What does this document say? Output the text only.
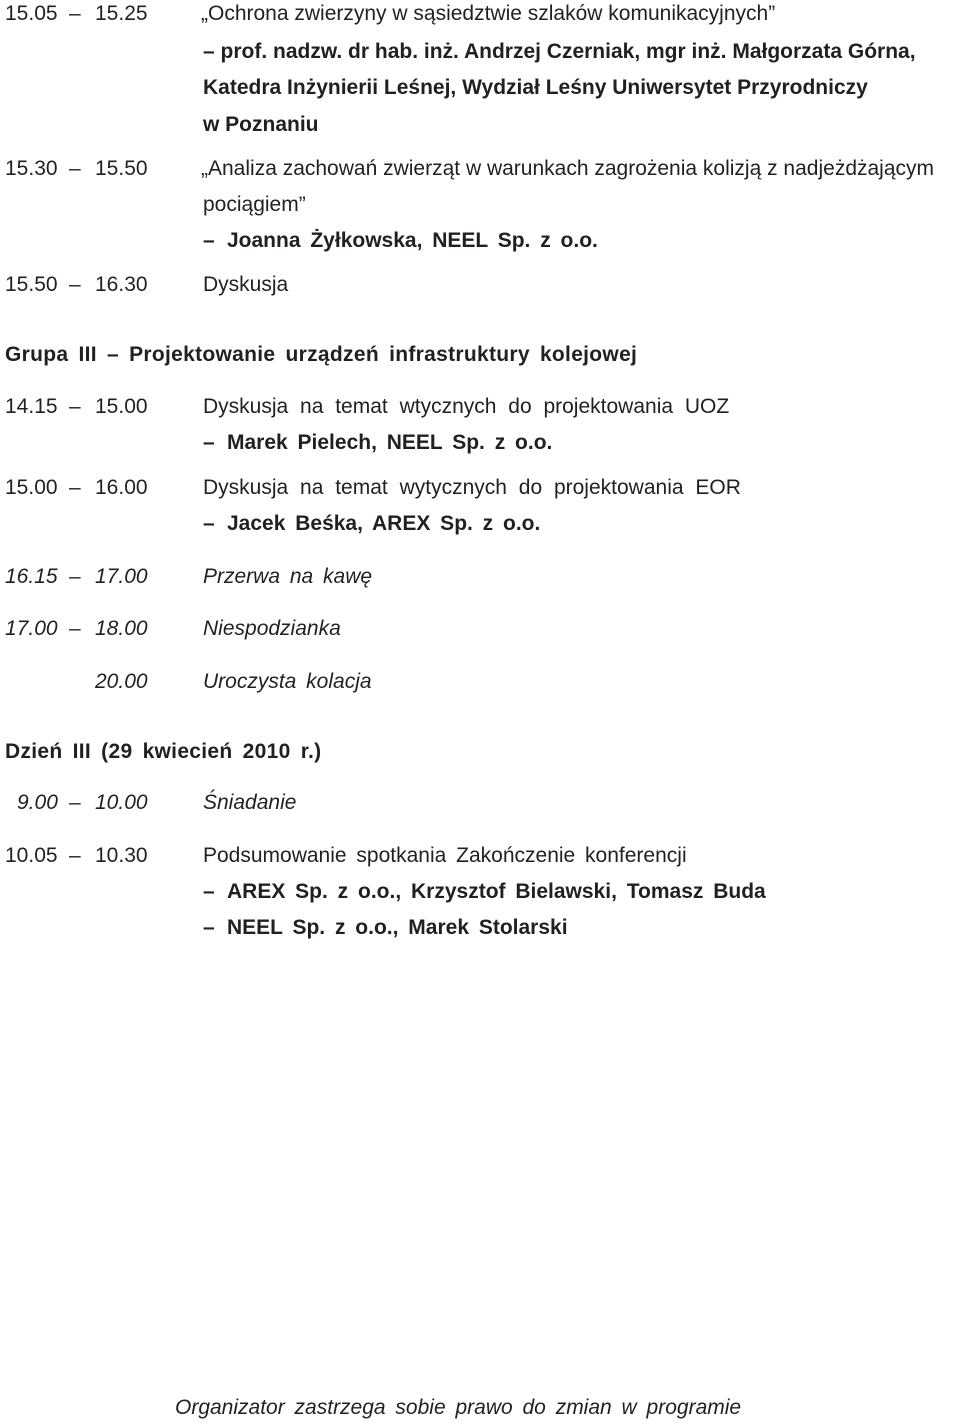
15.05 – 15.25	„Ochrona zwierzyny w sąsiedztwie szlaków komunikacyjnych”
– prof. nadzw. dr hab. inż. Andrzej Czerniak, mgr inż. Małgorzata Górna,
Katedra Inżynierii Leśnej, Wydział Leśny Uniwersytet Przyrodniczy
w Poznaniu
15.30 – 15.50	„Analiza zachowań zwierząt w warunkach zagrożenia kolizją z nadjeżdżającym
pociągiem”
– Joanna Żyłkowska, NEEL Sp. z o.o.
15.50 – 16.30	Dyskusja
Grupa III – Projektowanie urządzeń infrastruktury kolejowej
14.15 – 15.00	Dyskusja na temat wtycznych do projektowania UOZ
– Marek Pielech, NEEL Sp. z o.o.
15.00 – 16.00	Dyskusja na temat wytycznych do projektowania EOR
– Jacek Beśka, AREX Sp. z o.o.
16.15 – 17.00	Przerwa na kawę
17.00 – 18.00	Niespodzianka
20.00	Uroczysta kolacja
Dzień III (29 kwiecień 2010 r.)
9.00 – 10.00	Śniadanie
10.05 – 10.30	Podsumowanie spotkania Zakończenie konferencji
– AREX Sp. z o.o., Krzysztof Bielawski, Tomasz Buda
– NEEL Sp. z o.o., Marek Stolarski
Organizator zastrzega sobie prawo do zmian w programie
